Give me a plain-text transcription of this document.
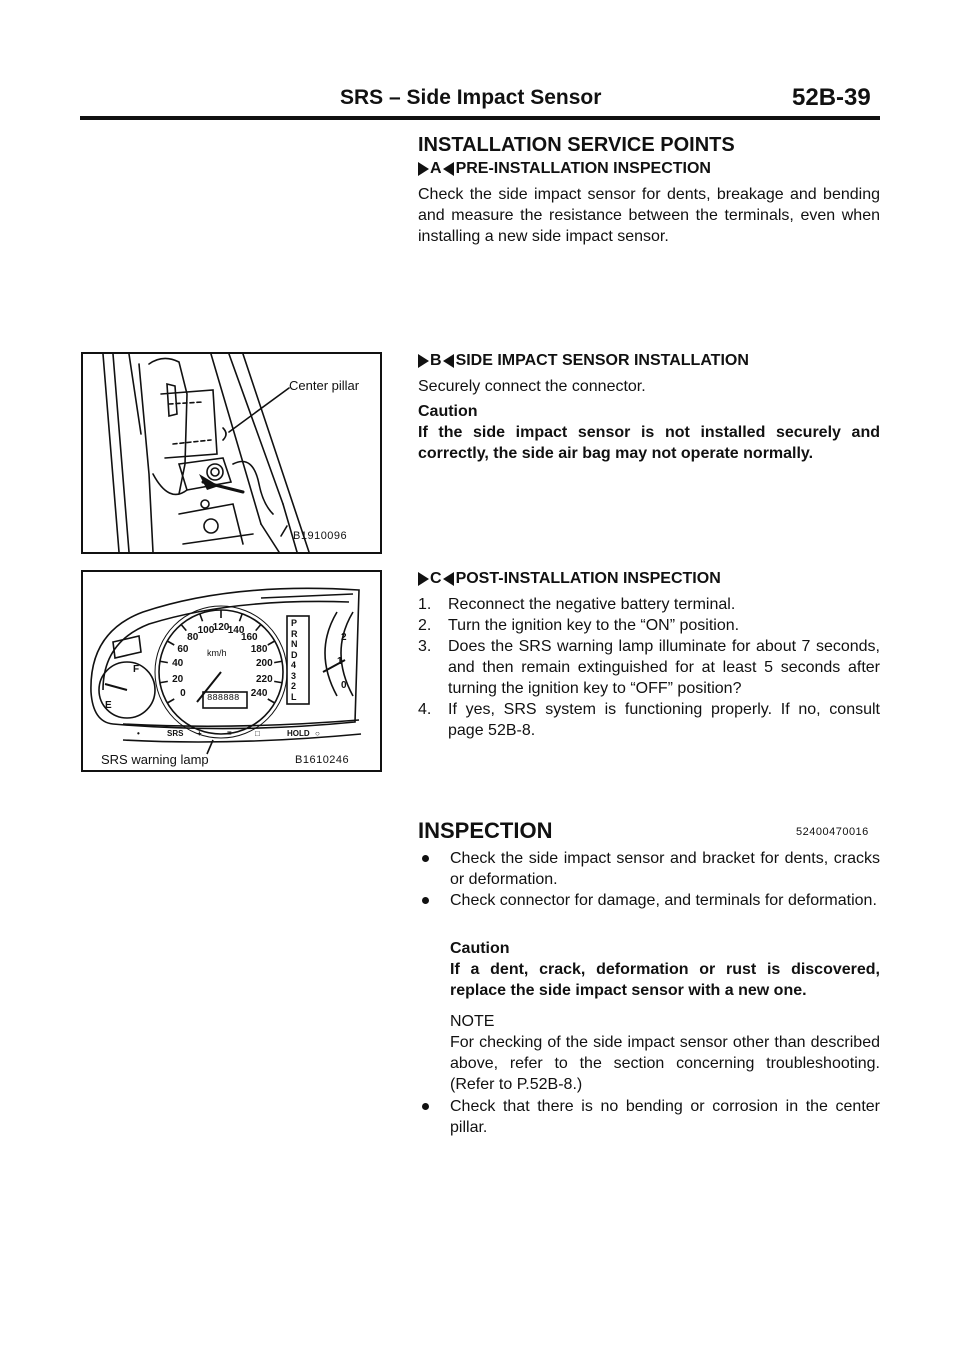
SRS – Side Impact Sensor	52B-39
INSTALLATION SERVICE POINTS
A PRE-INSTALLATION INSPECTION
Check the side impact sensor for dents, breakage and bending and measure the resistance between the terminals, even when installing a new side impact sensor.
B SIDE IMPACT SENSOR INSTALLATION
Securely connect the connector.
Caution
If the side impact sensor is not installed securely and correctly, the side air bag may not operate normally.
C POST-INSTALLATION INSPECTION
1.	Reconnect the negative battery terminal.
2.	Turn the ignition key to the “ON” position.
3.	Does the SRS warning lamp illuminate for about 7 seconds, and then remain extinguished for at least 5 seconds after turning the ignition key to “OFF” position?
4.	If yes, SRS system is functioning properly. If no, consult page 52B-8.
INSPECTION	52400470016
Check the side impact sensor and bracket for dents, cracks or deformation.
Check connector for damage, and terminals for deformation.
Caution
If a dent, crack, deformation or rust is discovered, replace the side impact sensor with a new one.
NOTE
For checking of the side impact sensor other than described above, refer to the section concerning troubleshooting. (Refer to P.52B-8.)
Check that there is no bending or corrosion in the center pillar.
Center pillar
B1910096
•	SRS +	=	□	HOLD ○
0
20
40
60
80
100
120
140
160
180
200
220
240
km/h
888888
P
R
N
D
4
3
2
L
F
E
2
1
0
SRS warning lamp	B1610246
